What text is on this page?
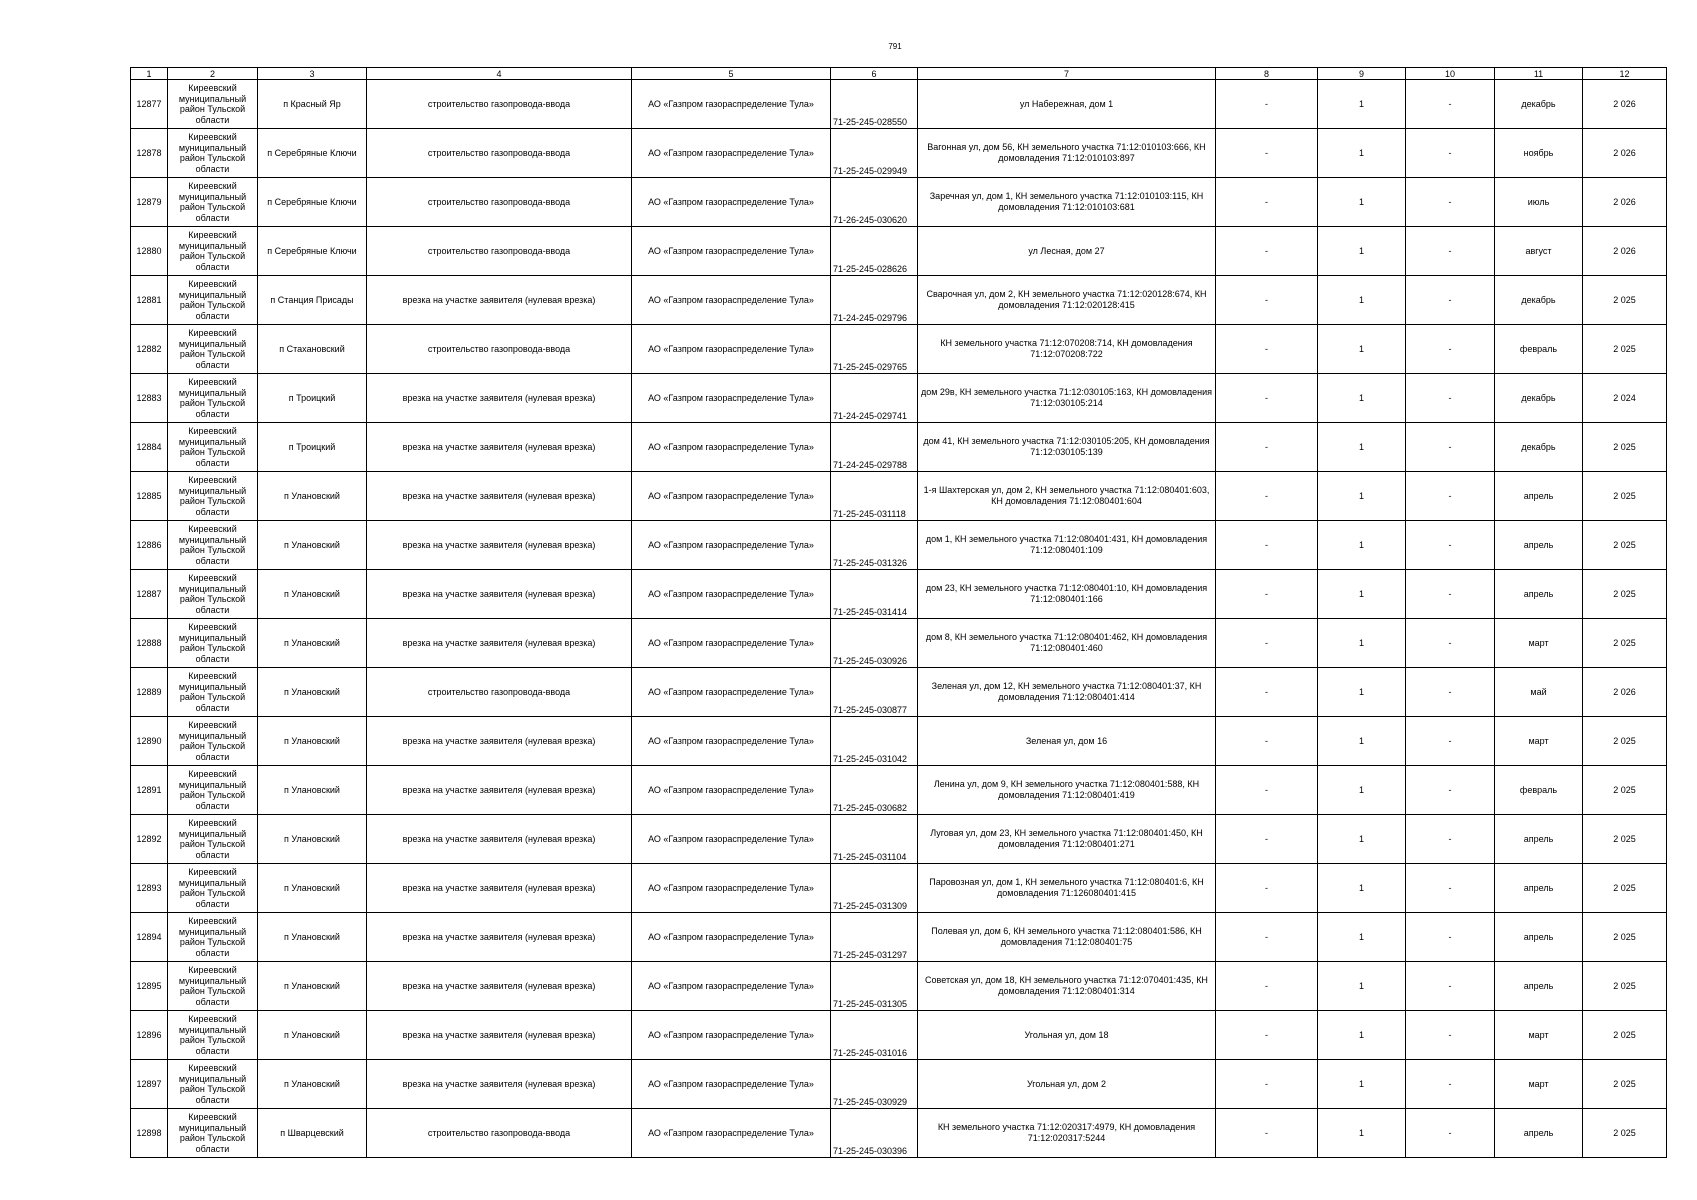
791
1	2	3	4	5	6	7	8	9	10	11	12
12877	Киреевский муниципальный район Тульской области	п Красный Яр	строительство газопровода-ввода	АО «Газпром газораспределение Тула»	71-25-245-028550	ул Набережная, дом 1	-	1	-	декабрь	2 026
12878	Киреевский муниципальный район Тульской области	п Серебряные Ключи	строительство газопровода-ввода	АО «Газпром газораспределение Тула»	71-25-245-029949	Вагонная ул, дом 56, КН земельного участка 71:12:010103:666, КН домовладения 71:12:010103:897	-	1	-	ноябрь	2 026
12879	Киреевский муниципальный район Тульской области	п Серебряные Ключи	строительство газопровода-ввода	АО «Газпром газораспределение Тула»	71-26-245-030620	Заречная ул, дом 1, КН земельного участка 71:12:010103:115, КН домовладения 71:12:010103:681	-	1	-	июль	2 026
12880	Киреевский муниципальный район Тульской области	п Серебряные Ключи	строительство газопровода-ввода	АО «Газпром газораспределение Тула»	71-25-245-028626	ул Лесная, дом 27	-	1	-	август	2 026
12881	Киреевский муниципальный район Тульской области	п Станция Присады	врезка на участке заявителя (нулевая врезка)	АО «Газпром газораспределение Тула»	71-24-245-029796	Сварочная ул, дом 2, КН земельного участка 71:12:020128:674, КН домовладения 71:12:020128:415	-	1	-	декабрь	2 025
12882	Киреевский муниципальный район Тульской области	п Стахановский	строительство газопровода-ввода	АО «Газпром газораспределение Тула»	71-25-245-029765	КН земельного участка 71:12:070208:714, КН домовладения 71:12:070208:722	-	1	-	февраль	2 025
12883	Киреевский муниципальный район Тульской области	п Троицкий	врезка на участке заявителя (нулевая врезка)	АО «Газпром газораспределение Тула»	71-24-245-029741	дом 29в, КН земельного участка 71:12:030105:163, КН домовладения 71:12:030105:214	-	1	-	декабрь	2 024
12884	Киреевский муниципальный район Тульской области	п Троицкий	врезка на участке заявителя (нулевая врезка)	АО «Газпром газораспределение Тула»	71-24-245-029788	дом 41, КН земельного участка 71:12:030105:205, КН домовладения 71:12:030105:139	-	1	-	декабрь	2 025
12885	Киреевский муниципальный район Тульской области	п Улановский	врезка на участке заявителя (нулевая врезка)	АО «Газпром газораспределение Тула»	71-25-245-031118	1-я Шахтерская ул, дом 2, КН земельного участка 71:12:080401:603, КН домовладения 71:12:080401:604	-	1	-	апрель	2 025
12886	Киреевский муниципальный район Тульской области	п Улановский	врезка на участке заявителя (нулевая врезка)	АО «Газпром газораспределение Тула»	71-25-245-031326	дом 1, КН земельного участка 71:12:080401:431, КН домовладения 71:12:080401:109	-	1	-	апрель	2 025
12887	Киреевский муниципальный район Тульской области	п Улановский	врезка на участке заявителя (нулевая врезка)	АО «Газпром газораспределение Тула»	71-25-245-031414	дом 23, КН земельного участка 71:12:080401:10, КН домовладения 71:12:080401:166	-	1	-	апрель	2 025
12888	Киреевский муниципальный район Тульской области	п Улановский	врезка на участке заявителя (нулевая врезка)	АО «Газпром газораспределение Тула»	71-25-245-030926	дом 8, КН земельного участка 71:12:080401:462, КН домовладения 71:12:080401:460	-	1	-	март	2 025
12889	Киреевский муниципальный район Тульской области	п Улановский	строительство газопровода-ввода	АО «Газпром газораспределение Тула»	71-25-245-030877	Зеленая ул, дом 12, КН земельного участка 71:12:080401:37, КН домовладения 71:12:080401:414	-	1	-	май	2 026
12890	Киреевский муниципальный район Тульской области	п Улановский	врезка на участке заявителя (нулевая врезка)	АО «Газпром газораспределение Тула»	71-25-245-031042	Зеленая ул, дом 16	-	1	-	март	2 025
12891	Киреевский муниципальный район Тульской области	п Улановский	врезка на участке заявителя (нулевая врезка)	АО «Газпром газораспределение Тула»	71-25-245-030682	Ленина ул, дом 9, КН земельного участка 71:12:080401:588, КН домовладения 71:12:080401:419	-	1	-	февраль	2 025
12892	Киреевский муниципальный район Тульской области	п Улановский	врезка на участке заявителя (нулевая врезка)	АО «Газпром газораспределение Тула»	71-25-245-031104	Луговая ул, дом 23, КН земельного участка 71:12:080401:450, КН домовладения 71:12:080401:271	-	1	-	апрель	2 025
12893	Киреевский муниципальный район Тульской области	п Улановский	врезка на участке заявителя (нулевая врезка)	АО «Газпром газораспределение Тула»	71-25-245-031309	Паровозная ул, дом 1, КН земельного участка 71:12:080401:6, КН домовладения 71:126080401:415	-	1	-	апрель	2 025
12894	Киреевский муниципальный район Тульской области	п Улановский	врезка на участке заявителя (нулевая врезка)	АО «Газпром газораспределение Тула»	71-25-245-031297	Полевая ул, дом 6, КН земельного участка 71:12:080401:586, КН домовладения 71:12:080401:75	-	1	-	апрель	2 025
12895	Киреевский муниципальный район Тульской области	п Улановский	врезка на участке заявителя (нулевая врезка)	АО «Газпром газораспределение Тула»	71-25-245-031305	Советская ул, дом 18, КН земельного участка 71:12:070401:435, КН домовладения 71:12:080401:314	-	1	-	апрель	2 025
12896	Киреевский муниципальный район Тульской области	п Улановский	врезка на участке заявителя (нулевая врезка)	АО «Газпром газораспределение Тула»	71-25-245-031016	Угольная ул, дом 18	-	1	-	март	2 025
12897	Киреевский муниципальный район Тульской области	п Улановский	врезка на участке заявителя (нулевая врезка)	АО «Газпром газораспределение Тула»	71-25-245-030929	Угольная ул, дом 2	-	1	-	март	2 025
12898	Киреевский муниципальный район Тульской области	п Шварцевский	строительство газопровода-ввода	АО «Газпром газораспределение Тула»	71-25-245-030396	КН земельного участка 71:12:020317:4979, КН домовладения 71:12:020317:5244	-	1	-	апрель	2 025
